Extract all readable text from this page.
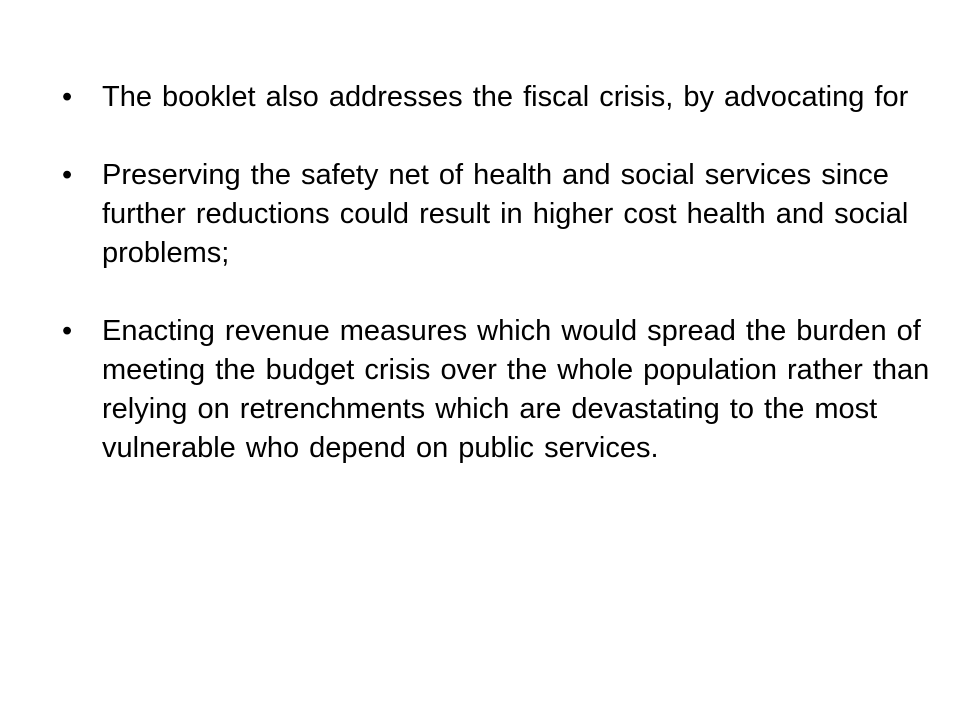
•	The booklet also addresses the fiscal crisis, by advocating for
•	Preserving the safety net of health and social services since further reductions could result in higher cost health and social problems;
•	Enacting revenue measures which would spread the burden of meeting the budget crisis over the whole population rather than relying on retrenchments which are devastating to the most vulnerable who depend on public services.
